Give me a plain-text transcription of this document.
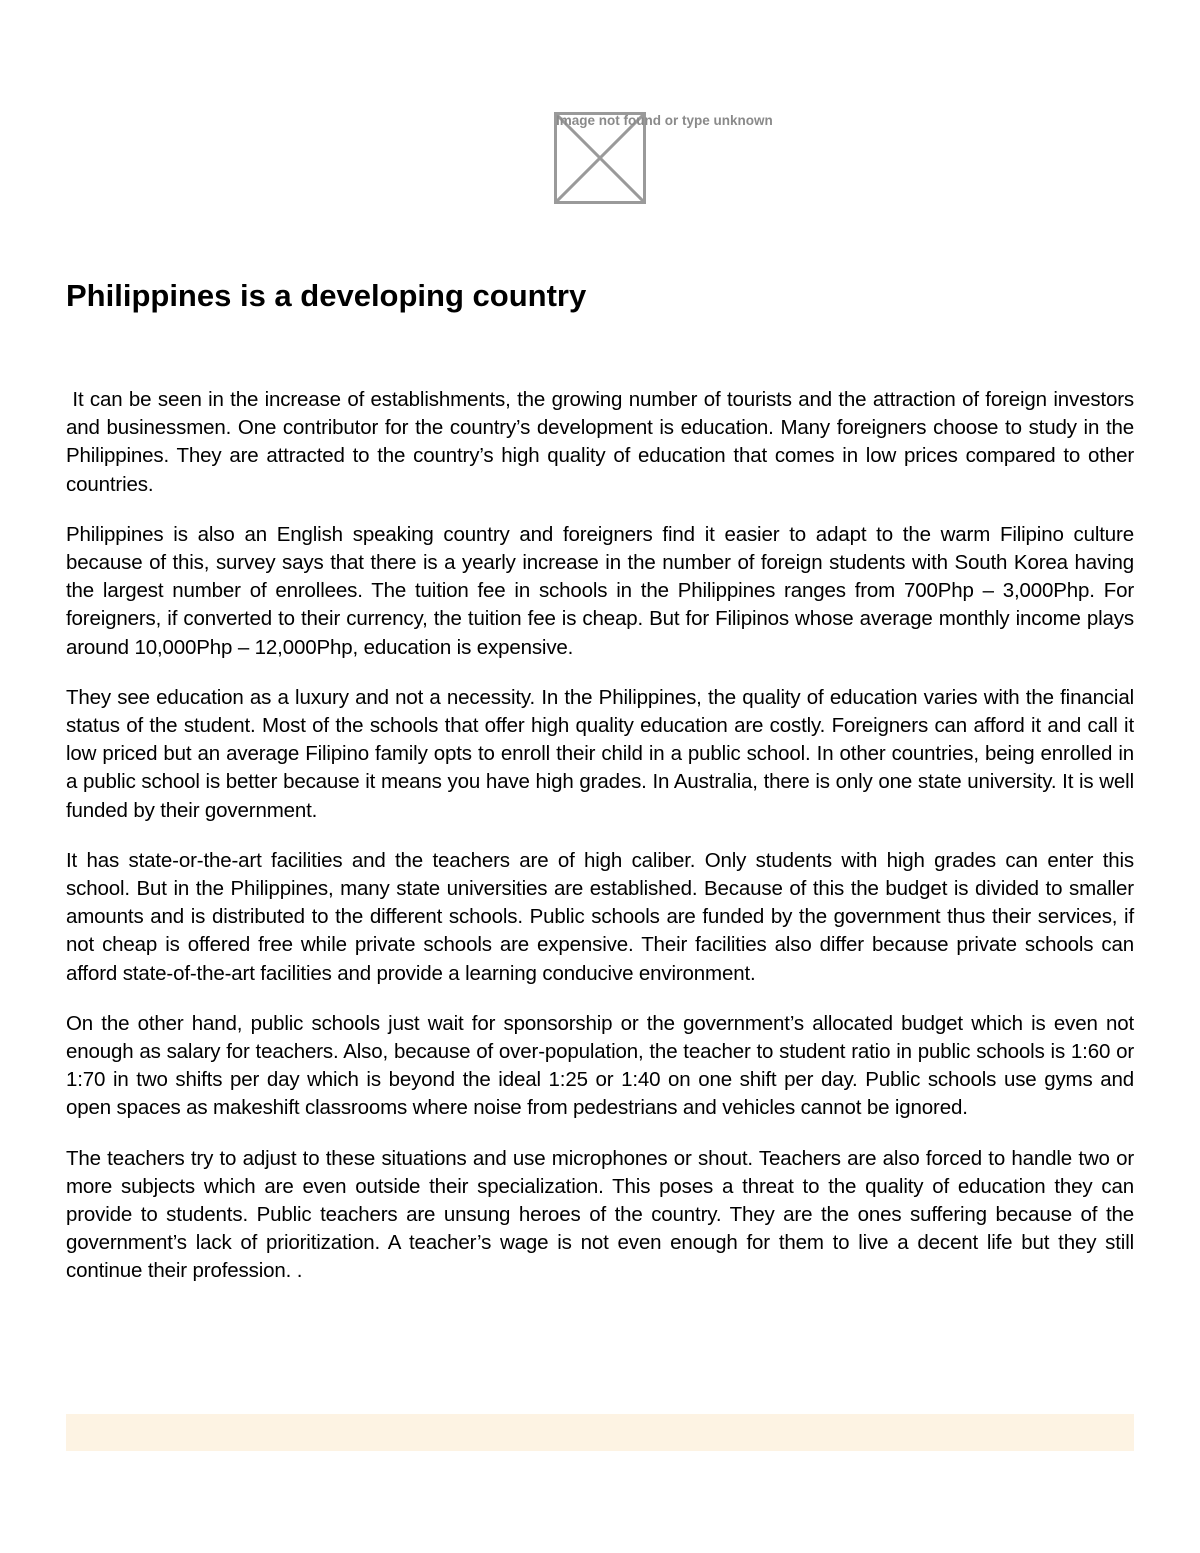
Image not found or type unknown
Philippines is a developing country

It can be seen in the increase of establishments, the growing number of tourists and the attraction of foreign investors and businessmen. One contributor for the country’s development is education. Many foreigners choose to study in the Philippines. They are attracted to the country’s high quality of education that comes in low prices compared to other countries.

Philippines is also an English speaking country and foreigners find it easier to adapt to the warm Filipino culture because of this, survey says that there is a yearly increase in the number of foreign students with South Korea having the largest number of enrollees. The tuition fee in schools in the Philippines ranges from 700Php – 3,000Php. For foreigners, if converted to their currency, the tuition fee is cheap. But for Filipinos whose average monthly income plays around 10,000Php – 12,000Php, education is expensive.

They see education as a luxury and not a necessity. In the Philippines, the quality of education varies with the financial status of the student. Most of the schools that offer high quality education are costly. Foreigners can afford it and call it low priced but an average Filipino family opts to enroll their child in a public school. In other countries, being enrolled in a public school is better because it means you have high grades. In Australia, there is only one state university. It is well funded by their government.

It has state-or-the-art facilities and the teachers are of high caliber. Only students with high grades can enter this school. But in the Philippines, many state universities are established. Because of this the budget is divided to smaller amounts and is distributed to the different schools. Public schools are funded by the government thus their services, if not cheap is offered free while private schools are expensive. Their facilities also differ because private schools can afford state-of-the-art facilities and provide a learning conducive environment.

On the other hand, public schools just wait for sponsorship or the government’s allocated budget which is even not enough as salary for teachers. Also, because of over-population, the teacher to student ratio in public schools is 1:60 or 1:70 in two shifts per day which is beyond the ideal 1:25 or 1:40 on one shift per day. Public schools use gyms and open spaces as makeshift classrooms where noise from pedestrians and vehicles cannot be ignored.

The teachers try to adjust to these situations and use microphones or shout. Teachers are also forced to handle two or more subjects which are even outside their specialization. This poses a threat to the quality of education they can provide to students. Public teachers are unsung heroes of the country. They are the ones suffering because of the government’s lack of prioritization. A teacher’s wage is not even enough for them to live a decent life but they still continue their profession. .
